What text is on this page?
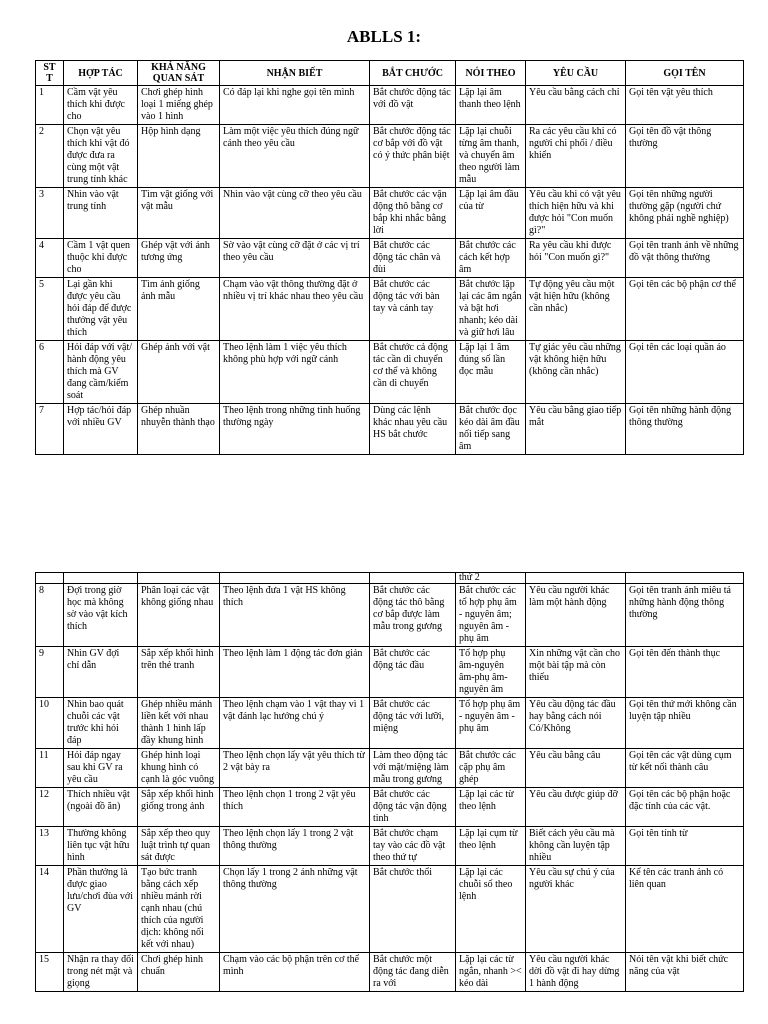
ABLLS 1:
ST T	HỢP TÁC	KHẢ NĂNG QUAN SÁT	NHẬN BIẾT	BẮT CHƯỚC	NÓI THEO	YÊU CẦU	GỌI TÊN
1	Cầm vật yêu thích khi được cho	Chơi ghép hình loại 1 miếng ghép vào 1 hình	Có đáp lại khi nghe gọi tên mình	Bắt chước động tác với đồ vật	Lặp lại âm thanh theo lệnh	Yêu cầu bằng cách chỉ	Gọi tên vật yêu thích
2	Chọn vật yêu thích khi vật đó được đưa ra cùng một vật trung tính khác	Hộp hình dạng	Làm một việc yêu thích đúng ngữ cảnh theo yêu cầu	Bắt chước động tác cơ bắp với đồ vật có ý thức phân biệt	Lặp lại chuỗi từng âm thanh, và chuyển âm theo người làm mẫu	Ra các yêu cầu khi có người chi phối / điều khiển	Gọi tên đồ vật thông thường
3	Nhìn vào vật trung tính	Tìm vật giống với vật mẫu	Nhìn vào vật cùng cỡ theo yêu cầu	Bắt chước các vận động thô bằng cơ bắp khi nhắc bằng lời	Lặp lại âm đầu của từ	Yêu cầu khi có vật yêu thích hiện hữu và khi được hỏi "Con muốn gì?"	Gọi tên những người thường gặp (người chứ không phải nghề nghiệp)
4	Cầm 1 vật quen thuộc khi được cho	Ghép vật với ảnh tương ứng	Sờ vào vật cùng cỡ đặt ở các vị trí theo yêu cầu	Bắt chước các động tác chân và đùi	Bắt chước các cách kết hợp âm	Ra yêu cầu khi được hỏi "Con muốn gì?"	Gọi tên tranh ảnh về những đồ vật thông thường
5	Lại gần khi được yêu cầu hỏi đáp để được thưởng vật yêu thích	Tìm ảnh giống ảnh mẫu	Chạm vào vật thông thường đặt ở nhiều vị trí khác nhau theo yêu cầu	Bắt chước các động tác với bàn tay và cánh tay	Bắt chước lặp lại các âm ngắn và bật hơi nhanh; kéo dài và giữ hơi lâu	Tự động yêu cầu một vật hiện hữu (không cần nhắc)	Gọi tên các bộ phận cơ thể
6	Hỏi đáp với vật/ hành động yêu thích mà GV đang cầm/kiểm soát	Ghép ảnh với vật	Theo lệnh làm 1 việc yêu thích không phù hợp với ngữ cảnh	Bắt chước cả động tác cần di chuyển cơ thể và không cần di chuyển	Lặp lại 1 âm đúng số lần đọc mẫu	Tự giác yêu cầu những vật không hiện hữu (không cần nhắc)	Gọi tên các loại quần áo
7	Hợp tác/hỏi đáp với nhiều GV	Ghép nhuần nhuyễn thành thạo	Theo lệnh trong những tình huống thường ngày	Dùng các lệnh khác nhau yêu cầu HS bắt chước	Bắt chước đọc kéo dài âm đầu nối tiếp sang âm	Yêu cầu bằng giao tiếp mắt	Gọi tên những hành động thông thường
					thứ 2		
8	Đợi trong giờ học mà không sờ vào vật kích thích	Phân loại các vật không giống nhau	Theo lệnh đưa 1 vật HS không thích	Bắt chước các động tác thô bằng cơ bắp được làm mẫu trong gương	Bắt chước các tổ hợp phụ âm - nguyên âm; nguyên âm - phụ âm	Yêu cầu người khác làm một hành động	Gọi tên tranh ảnh miêu tả những hành động thông thường
9	Nhìn GV đợi chỉ dẫn	Sắp xếp khối hình trên thẻ tranh	Theo lệnh làm 1 động tác đơn giản	Bắt chước các động tác đầu	Tổ hợp phụ âm-nguyên âm-phụ âm-nguyên âm	Xin những vật cần cho một bài tập mà còn thiếu	Gọi tên đến thành thục
10	Nhìn bao quát chuỗi các vật trước khi hỏi đáp	Ghép nhiều mảnh liền kết với nhau thành 1 hình lấp đầy khung hình	Theo lệnh chạm vào 1 vật thay vì 1 vật đánh lạc hướng chú ý	Bắt chước các động tác với lưỡi, miệng	Tổ hợp phụ âm - nguyên âm - phụ âm	Yêu cầu động tác đầu hay bằng cách nói Có/Không	Gọi tên thứ mới không cần luyện tập nhiều
11	Hỏi đáp ngay sau khi GV ra yêu cầu	Ghép hình loại khung hình có cạnh là góc vuông	Theo lệnh chọn lấy vật yêu thích từ 2 vật bày ra	Làm theo động tác với mặt/miệng làm mẫu trong gương	Bắt chước các cặp phụ âm ghép	Yêu cầu bằng câu	Gọi tên các vật dùng cụm từ kết nối thành câu
12	Thích nhiều vật (ngoài đồ ăn)	Sắp xếp khối hình giống trong ảnh	Theo lệnh chọn 1 trong 2 vật yêu thích	Bắt chước các động tác vận động tinh	Lặp lại các từ theo lệnh	Yêu cầu được giúp đỡ	Gọi tên các bộ phận hoặc đặc tính của các vật.
13	Thường không liên tục vật hữu hình	Sắp xếp theo quy luật trình tự quan sát được	Theo lệnh chọn lấy 1 trong 2 vật thông thường	Bắt chước chạm tay vào các đồ vật theo thứ tự	Lặp lại cụm từ theo lệnh	Biết cách yêu cầu mà không cần luyện tập nhiều	Gọi tên tính từ
14	Phần thưởng là được giao lưu/chơi đùa với GV	Tạo bức tranh bằng cách xếp nhiều mảnh rời cạnh nhau (chú thích của người dịch: không nối kết với nhau)	Chọn lấy 1 trong 2 ảnh những vật thông thường	Bắt chước thổi	Lặp lại các chuỗi số theo lệnh	Yêu cầu sự chú ý của người khác	Kể tên các tranh ảnh có liên quan
15	Nhận ra thay đổi trong nét mặt và giọng	Chơi ghép hình chuẩn	Chạm vào các bộ phận trên cơ thể mình	Bắt chước một động tác đang diễn ra với	Lặp lại các từ ngắn, nhanh >< kéo dài	Yêu cầu người khác dời đồ vật đi hay dừng 1 hành động	Nói tên vật khi biết chức năng của vật
